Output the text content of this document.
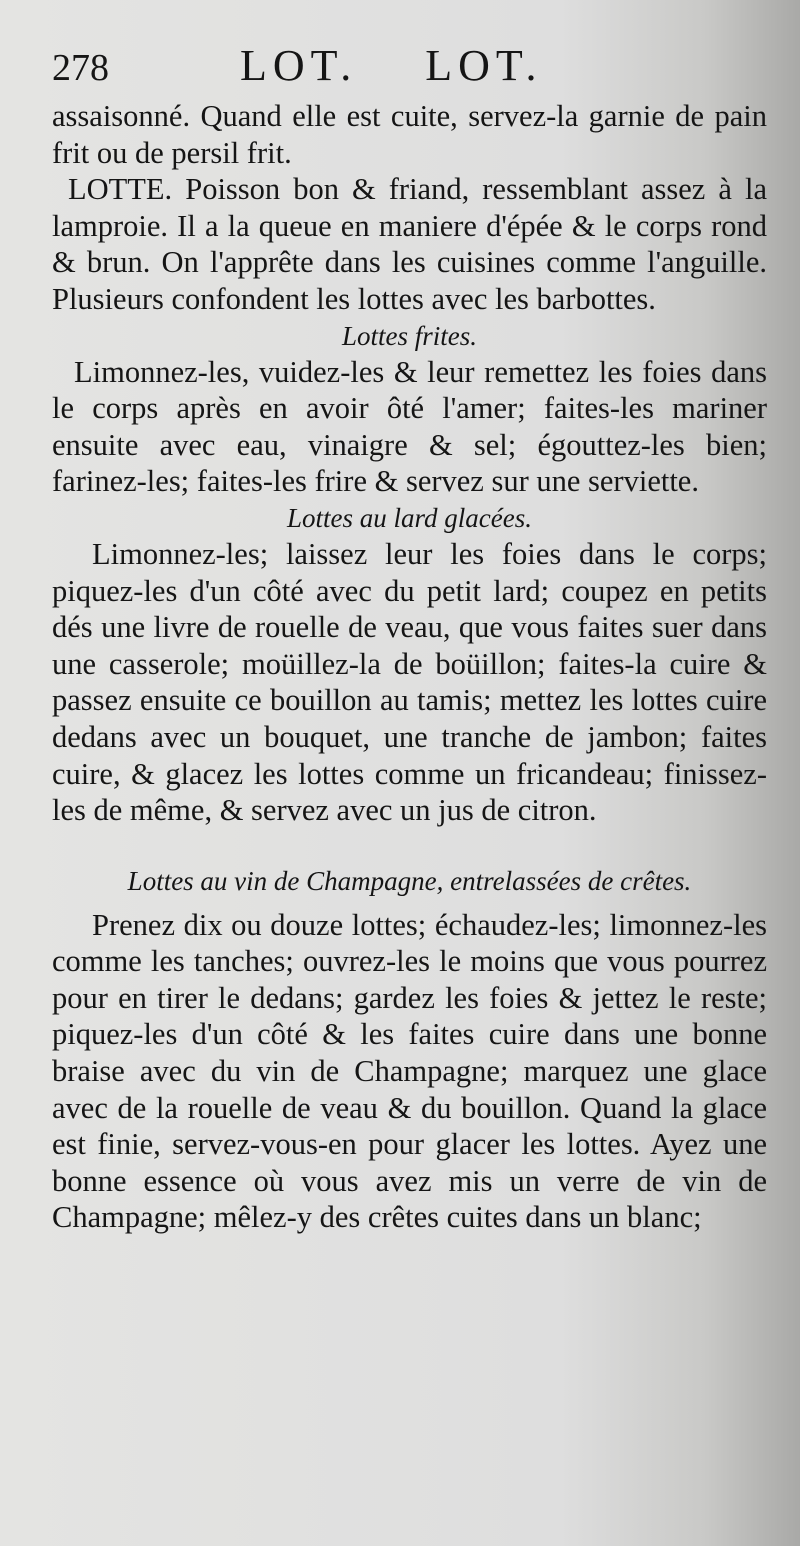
278	LOT. LOT.

assaisonné. Quand elle est cuite, servez-la garnie de pain frit ou de persil frit.

LOTTE. Poisson bon & friand, ressemblant assez à la lamproie. Il a la queue en maniere d'épée & le corps rond & brun. On l'apprête dans les cuisines comme l'anguille. Plusieurs confondent les lottes avec les barbottes.

Lottes frites.

Limonnez-les, vuidez-les & leur remettez les foies dans le corps après en avoir ôté l'amer; faites-les mariner ensuite avec eau, vinaigre & sel; égouttez-les bien; farinez-les; faites-les frire & servez sur une serviette.

Lottes au lard glacées.

Limonnez-les; laissez leur les foies dans le corps; piquez-les d'un côté avec du petit lard; coupez en petits dés une livre de rouelle de veau, que vous faites suer dans une casserole; moüillez-la de boüillon; faites-la cuire & passez ensuite ce bouillon au tamis; mettez les lottes cuire dedans avec un bouquet, une tranche de jambon; faites cuire, & glacez les lottes comme un fricandeau; finissez-les de même, & servez avec un jus de citron.

Lottes au vin de Champagne, entrelassées de crêtes.

Prenez dix ou douze lottes; échaudez-les; limonnez-les comme les tanches; ouvrez-les le moins que vous pourrez pour en tirer le dedans; gardez les foies & jettez le reste; piquez-les d'un côté & les faites cuire dans une bonne braise avec du vin de Champagne; marquez une glace avec de la rouelle de veau & du bouillon. Quand la glace est finie, servez-vous-en pour glacer les lottes. Ayez une bonne essence où vous avez mis un verre de vin de Champagne; mêlez-y des crêtes cuites dans un blanc;
